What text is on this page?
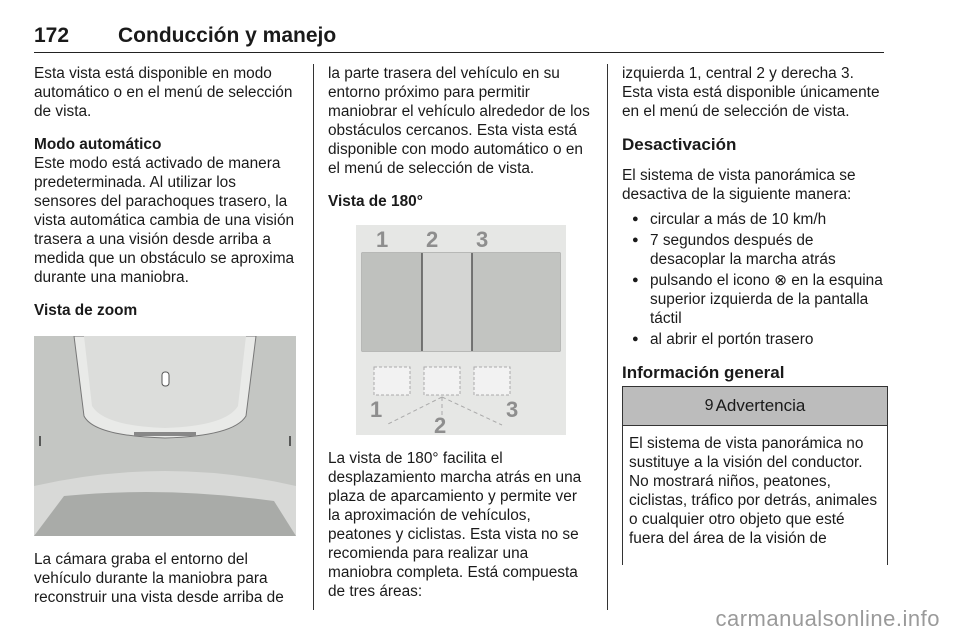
172 Conducción y manejo

Esta vista está disponible en modo automático o en el menú de selección de vista.

Modo automático

Este modo está activado de manera predeterminada. Al utilizar los sensores del parachoques trasero, la vista automática cambia de una visión trasera a una visión desde arriba a medida que un obstáculo se aproxima durante una maniobra.

Vista de zoom

La cámara graba el entorno del vehículo durante la maniobra para reconstruir una vista desde arriba de

la parte trasera del vehículo en su entorno próximo para permitir maniobrar el vehículo alrededor de los obstáculos cercanos. Esta vista está disponible con modo automático o en el menú de selección de vista.

Vista de 180°

1 2 3
1
2
3

La vista de 180° facilita el desplazamiento marcha atrás en una plaza de aparcamiento y permite ver la aproximación de vehículos, peatones y ciclistas. Esta vista no se recomienda para realizar una maniobra completa. Está compuesta de tres áreas:

izquierda 1, central 2 y derecha 3. Esta vista está disponible únicamente en el menú de selección de vista.

Desactivación

El sistema de vista panorámica se desactiva de la siguiente manera:

● circular a más de 10 km/h
● 7 segundos después de desacoplar la marcha atrás
● pulsando el icono ⊗ en la esquina superior izquierda de la pantalla táctil
● al abrir el portón trasero
Información general
9 Advertencia
El sistema de vista panorámica no sustituye a la visión del conductor. No mostrará niños, peatones, ciclistas, tráfico por detrás, animales o cualquier otro objeto que esté fuera del área de la visión de
carmanualsonline.info
